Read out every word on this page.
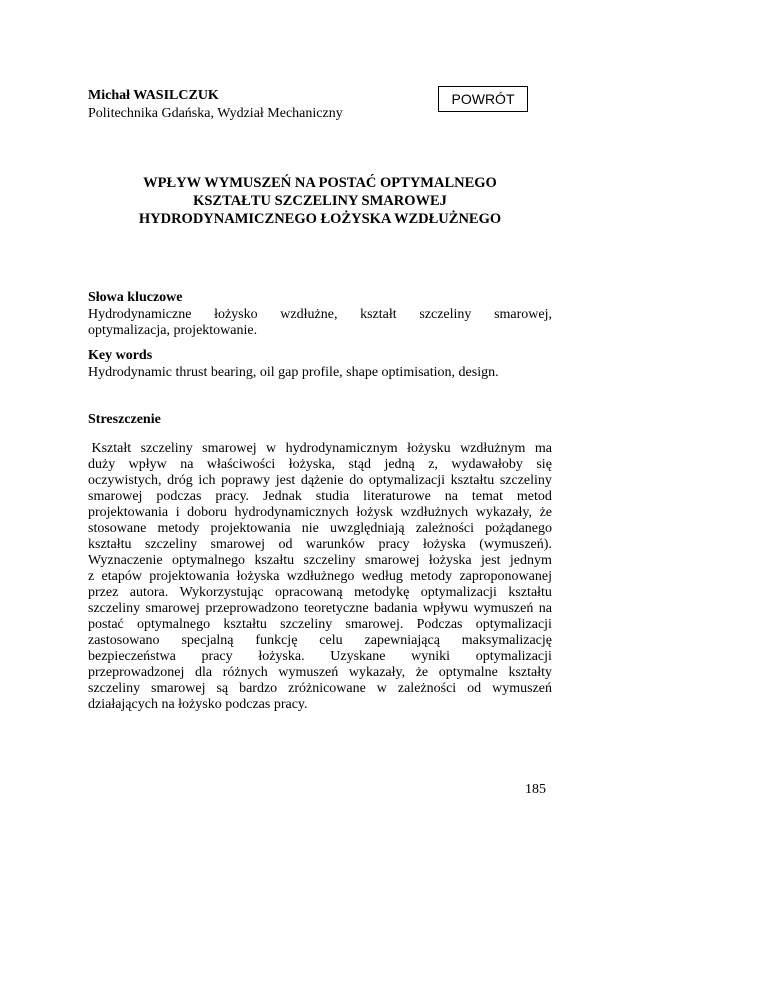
Michał WASILCZUK
Politechnika Gdańska, Wydział Mechaniczny
POWRÓT
WPŁYW WYMUSZEŃ NA POSTAĆ OPTYMALNEGO
KSZTAŁTU SZCZELINY SMAROWEJ
HYDRODYNAMICZNEGO ŁOŻYSKA WZDŁUŻNEGO
Słowa kluczowe
Hydrodynamiczne łożysko wzdłużne, kształt szczeliny smarowej,
optymalizacja, projektowanie.
Key words
Hydrodynamic thrust bearing, oil gap profile, shape optimisation, design.
Streszczenie
Kształt szczeliny smarowej w hydrodynamicznym łożysku wzdłużnym ma
duży wpływ na właściwości łożyska, stąd jedną z, wydawałoby się
oczywistych, dróg ich poprawy jest dążenie do optymalizacji kształtu szczeliny
smarowej podczas pracy. Jednak studia literaturowe na temat metod
projektowania i doboru hydrodynamicznych łożysk wzdłużnych wykazały, że
stosowane metody projektowania nie uwzględniają zależności pożądanego
kształtu szczeliny smarowej od warunków pracy łożyska (wymuszeń).
Wyznaczenie optymalnego kszałtu szczeliny smarowej łożyska jest jednym
z etapów projektowania łożyska wzdłużnego według metody zaproponowanej
przez autora. Wykorzystując opracowaną metodykę optymalizacji kształtu
szczeliny smarowej przeprowadzono teoretyczne badania wpływu wymuszeń na
postać optymalnego kształtu szczeliny smarowej. Podczas optymalizacji
zastosowano specjalną funkcję celu zapewniającą maksymalizację
bezpieczeństwa pracy łożyska. Uzyskane wyniki optymalizacji
przeprowadzonej dla różnych wymuszeń wykazały, że optymalne kształty
szczeliny smarowej są bardzo zróżnicowane w zależności od wymuszeń
działających
na
łożysko
podczas
pracy.
185
